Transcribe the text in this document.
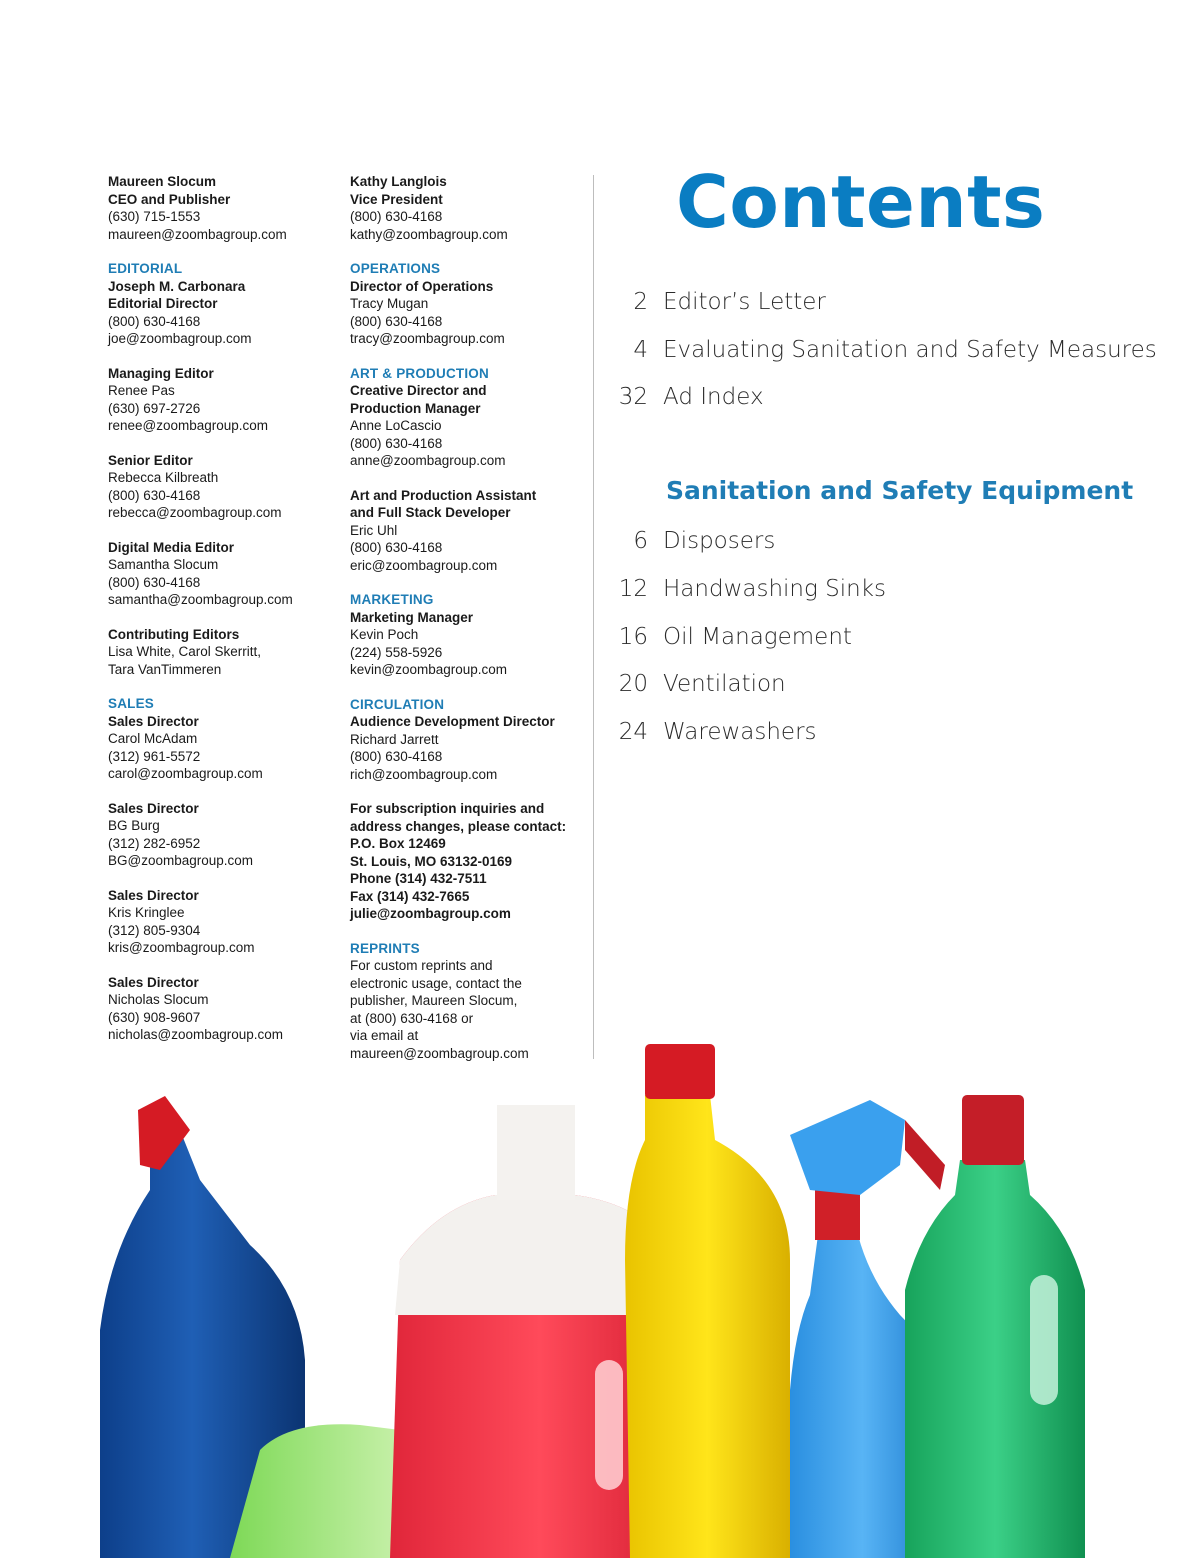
Maureen Slocum
CEO and Publisher
(630) 715-1553
maureen@zoombagroup.com
EDITORIAL
Joseph M. Carbonara
Editorial Director
(800) 630-4168
joe@zoombagroup.com
Managing Editor
Renee Pas
(630) 697-2726
renee@zoombagroup.com
Senior Editor
Rebecca Kilbreath
(800) 630-4168
rebecca@zoombagroup.com
Digital Media Editor
Samantha Slocum
(800) 630-4168
samantha@zoombagroup.com
Contributing Editors
Lisa White, Carol Skerritt,
Tara VanTimmeren
SALES
Sales Director
Carol McAdam
(312) 961-5572
carol@zoombagroup.com
Sales Director
BG Burg
(312) 282-6952
BG@zoombagroup.com
Sales Director
Kris Kringlee
(312) 805-9304
kris@zoombagroup.com
Sales Director
Nicholas Slocum
(630) 908-9607
nicholas@zoombagroup.com
Kathy Langlois
Vice President
(800) 630-4168
kathy@zoombagroup.com
OPERATIONS
Director of Operations
Tracy Mugan
(800) 630-4168
tracy@zoombagroup.com
ART & PRODUCTION
Creative Director and
Production Manager
Anne LoCascio
(800) 630-4168
anne@zoombagroup.com
Art and Production Assistant
and Full Stack Developer
Eric Uhl
(800) 630-4168
eric@zoombagroup.com
MARKETING
Marketing Manager
Kevin Poch
(224) 558-5926
kevin@zoombagroup.com
CIRCULATION
Audience Development Director
Richard Jarrett
(800) 630-4168
rich@zoombagroup.com
For subscription inquiries and
address changes, please contact:
P.O. Box 12469
St. Louis, MO 63132-0169
Phone (314) 432-7511
Fax (314) 432-7665
julie@zoombagroup.com
REPRINTS
For custom reprints and
electronic usage, contact the
publisher, Maureen Slocum,
at (800) 630-4168 or
via email at
maureen@zoombagroup.com
Contents
2 Editor’s Letter
4 Evaluating Sanitation and Safety Measures
32 Ad Index
Sanitation and Safety Equipment
6 Disposers
12 Handwashing Sinks
16 Oil Management
20 Ventilation
24 Warewashers
